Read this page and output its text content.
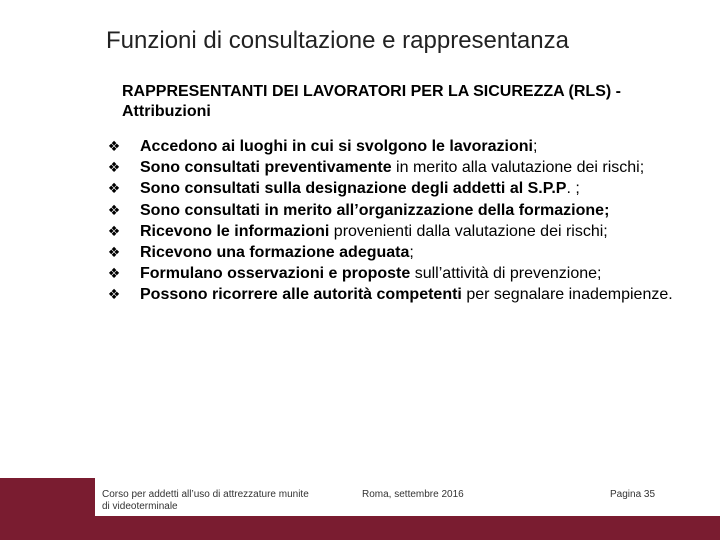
Funzioni di consultazione e rappresentanza
RAPPRESENTANTI DEI LAVORATORI PER LA SICUREZZA (RLS) - Attribuzioni
❖ Accedono ai luoghi in cui si svolgono le lavorazioni;
❖ Sono consultati preventivamente in merito alla valutazione dei rischi;
❖ Sono consultati sulla designazione degli addetti al S.P.P. ;
❖ Sono consultati in merito all’organizzazione della formazione;
❖ Ricevono le informazioni provenienti dalla valutazione dei rischi;
❖ Ricevono una formazione adeguata;
❖ Formulano osservazioni e proposte sull’attività di prevenzione;
❖ Possono ricorrere alle autorità competenti per segnalare inadempienze.
Corso per addetti all’uso di attrezzature munite di videoterminale
Roma, settembre 2016	Pagina 35
